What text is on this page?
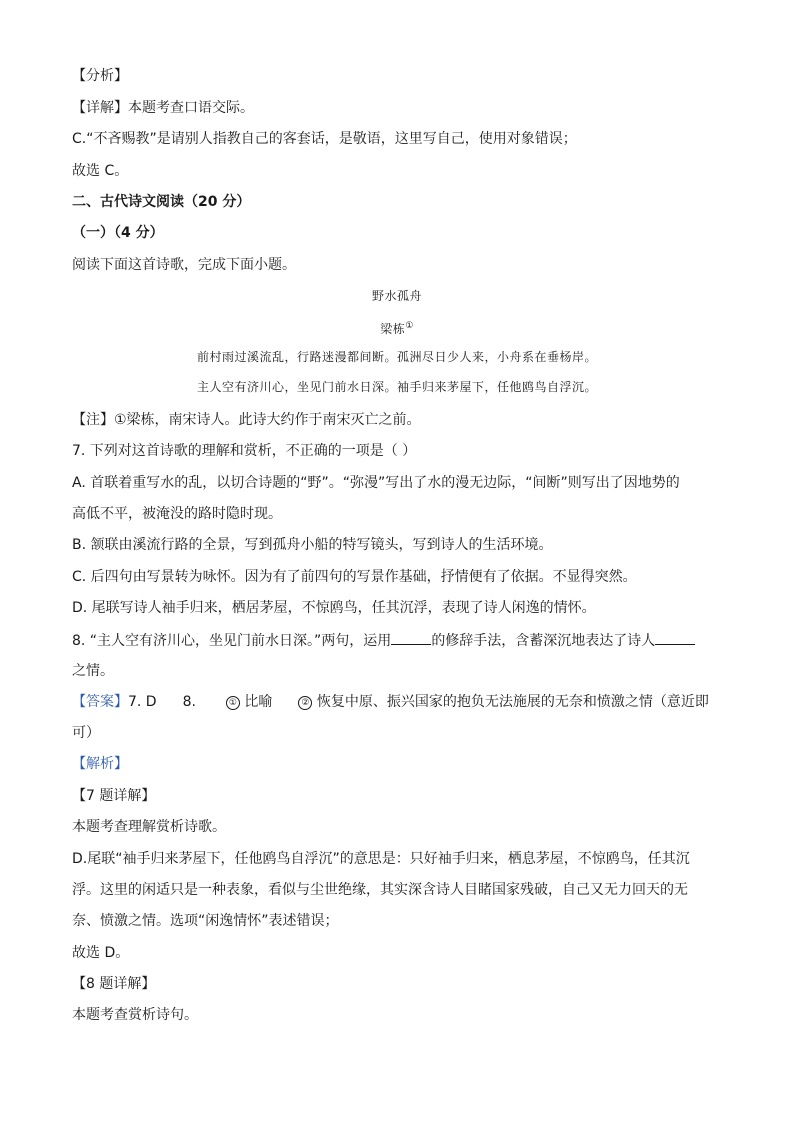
【分析】
【详解】本题考查口语交际。
C.“不吝赐教”是请别人指教自己的客套话，是敬语，这里写自己，使用对象错误；
故选 C。
二、古代诗文阅读（20 分）
（一）（4 分）
阅读下面这首诗歌，完成下面小题。
野水孤舟
梁栋①
前村雨过溪流乱，行路迷漫都间断。孤洲尽日少人来，小舟系在垂杨岸。
主人空有济川心，坐见门前水日深。袖手归来茅屋下，任他鸥鸟自浮沉。
【注】①梁栋，南宋诗人。此诗大约作于南宋灭亡之前。
7. 下列对这首诗歌的理解和赏析，不正确的一项是（ ）
A. 首联着重写水的乱，以切合诗题的“野”。“弥漫”写出了水的漫无边际，“间断”则写出了因地势的
高低不平，被淹没的路时隐时现。
B. 颔联由溪流行路的全景，写到孤舟小船的特写镜头，写到诗人的生活环境。
C. 后四句由写景转为咏怀。因为有了前四句的写景作基础，抒情便有了依据。不显得突然。
D. 尾联写诗人袖手归来，栖居茅屋，不惊鸥鸟，任其沉浮，表现了诗人闲逸的情怀。
8. “主人空有济川心，坐见门前水日深。”两句，运用	的修辞手法，含蓄深沉地表达了诗人
之情。
【答案】7. D 8.	① 比喻	② 恢复中原、振兴国家的抱负无法施展的无奈和愤激之情（意近即
可）
【解析】
【7 题详解】
本题考查理解赏析诗歌。
D.尾联“袖手归来茅屋下，任他鸥鸟自浮沉”的意思是：只好袖手归来，栖息茅屋，不惊鸥鸟，任其沉
浮。这里的闲适只是一种表象，看似与尘世绝缘，其实深含诗人目睹国家残破，自己又无力回天的无
奈、愤激之情。选项“闲逸情怀”表述错误；
故选 D。
【8 题详解】
本题考查赏析诗句。
